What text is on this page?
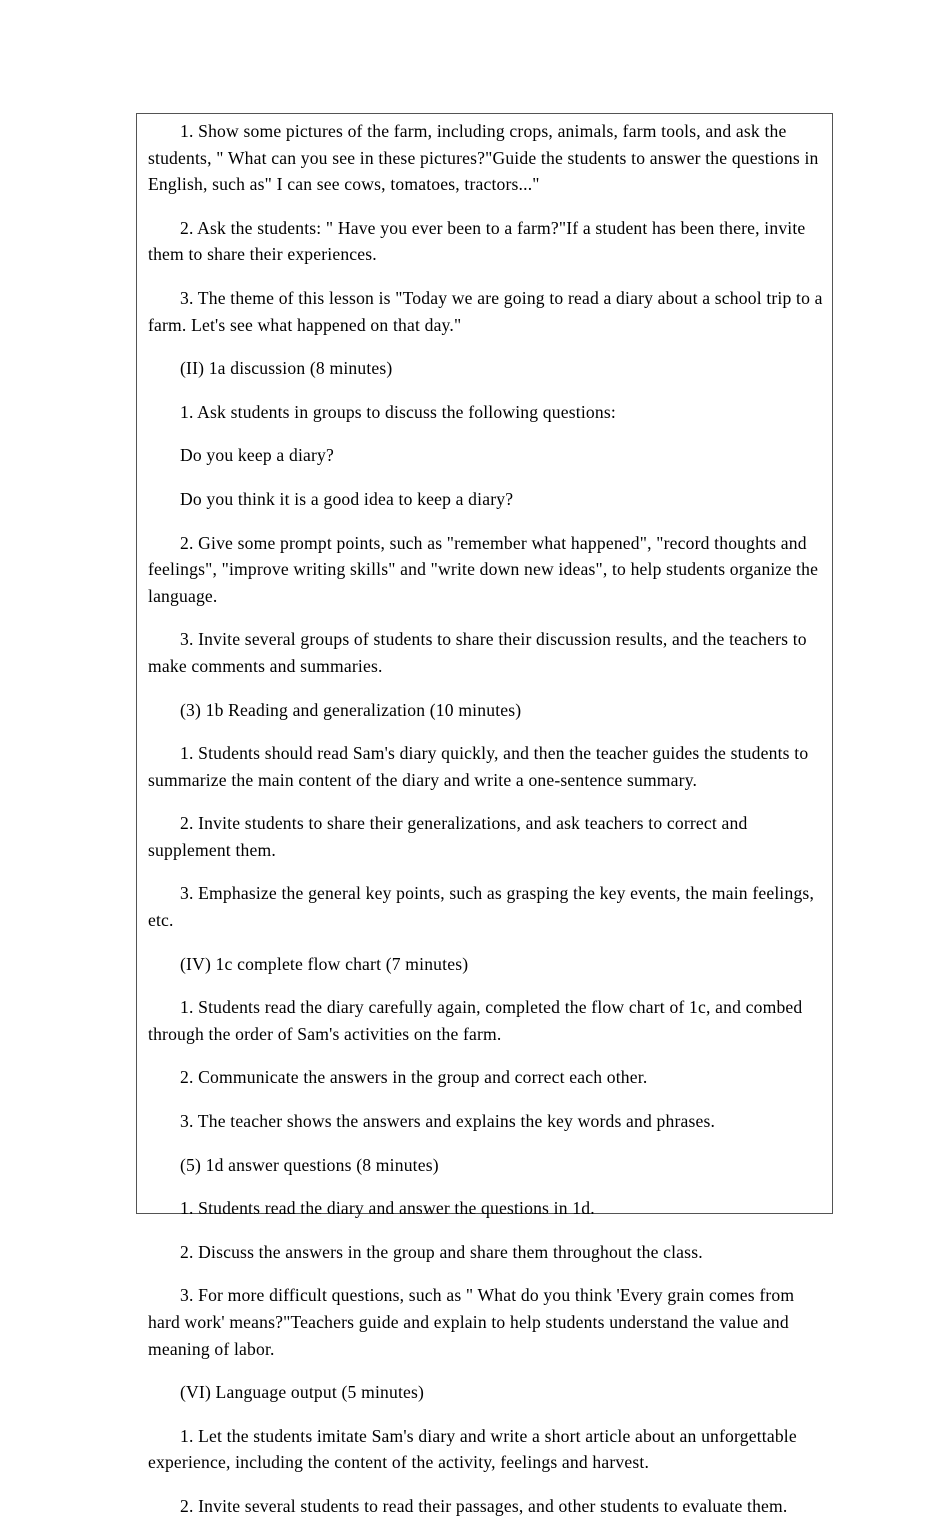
1. Show some pictures of the farm, including crops, animals, farm tools, and ask the students, " What can you see in these pictures?"Guide the students to answer the questions in English, such as" I can see cows, tomatoes, tractors..."

2. Ask the students: " Have you ever been to a farm?"If a student has been there, invite them to share their experiences.

3. The theme of this lesson is "Today we are going to read a diary about a school trip to a farm. Let's see what happened on that day."

(II) 1a discussion (8 minutes)

1. Ask students in groups to discuss the following questions:

Do you keep a diary?

Do you think it is a good idea to keep a diary?

2. Give some prompt points, such as "remember what happened", "record thoughts and feelings", "improve writing skills" and "write down new ideas", to help students organize the language.

3. Invite several groups of students to share their discussion results, and the teachers to make comments and summaries.

(3) 1b Reading and generalization (10 minutes)

1. Students should read Sam's diary quickly, and then the teacher guides the students to summarize the main content of the diary and write a one-sentence summary.

2. Invite students to share their generalizations, and ask teachers to correct and supplement them.

3. Emphasize the general key points, such as grasping the key events, the main feelings, etc.

(IV) 1c complete flow chart (7 minutes)

1. Students read the diary carefully again, completed the flow chart of 1c, and combed through the order of Sam's activities on the farm.

2. Communicate the answers in the group and correct each other.

3. The teacher shows the answers and explains the key words and phrases.

(5) 1d answer questions (8 minutes)

1. Students read the diary and answer the questions in 1d.

2. Discuss the answers in the group and share them throughout the class.

3. For more difficult questions, such as " What do you think 'Every grain comes from hard work' means?"Teachers guide and explain to help students understand the value and meaning of labor.

(VI) Language output (5 minutes)

1. Let the students imitate Sam's diary and write a short article about an unforgettable experience, including the content of the activity, feelings and harvest.

2. Invite several students to read their passages, and other students to evaluate them.
